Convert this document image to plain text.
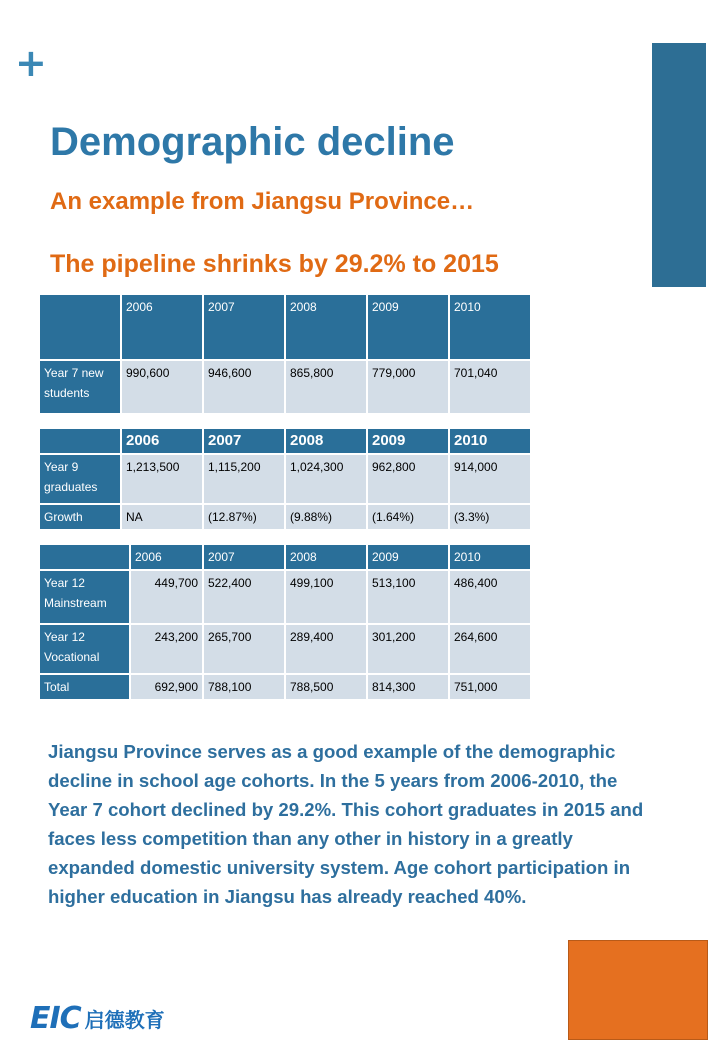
+
Demographic decline
An example from Jiangsu Province…
The pipeline shrinks by 29.2% to 2015
	2006	2007	2008	2009	2010
Year 7 new students	990,600	946,600	865,800	779,000	701,040
	2006	2007	2008	2009	2010
Year 9 graduates	1,213,500	1,115,200	1,024,300	962,800	914,000
Growth	NA	(12.87%)	(9.88%)	(1.64%)	(3.3%)
	2006	2007	2008	2009	2010
Year 12 Mainstream	449,700	522,400	499,100	513,100	486,400
Year 12 Vocational	243,200	265,700	289,400	301,200	264,600
Total	692,900	788,100	788,500	814,300	751,000

Jiangsu Province serves as a good example of the demographic decline in school age cohorts. In the 5 years from 2006-2010, the Year 7 cohort declined by 29.2%. This cohort graduates in 2015 and faces less competition than any other in history in a greatly expanded domestic university system. Age cohort participation in higher education in Jiangsu has already reached 40%.

EIC 启德教育
